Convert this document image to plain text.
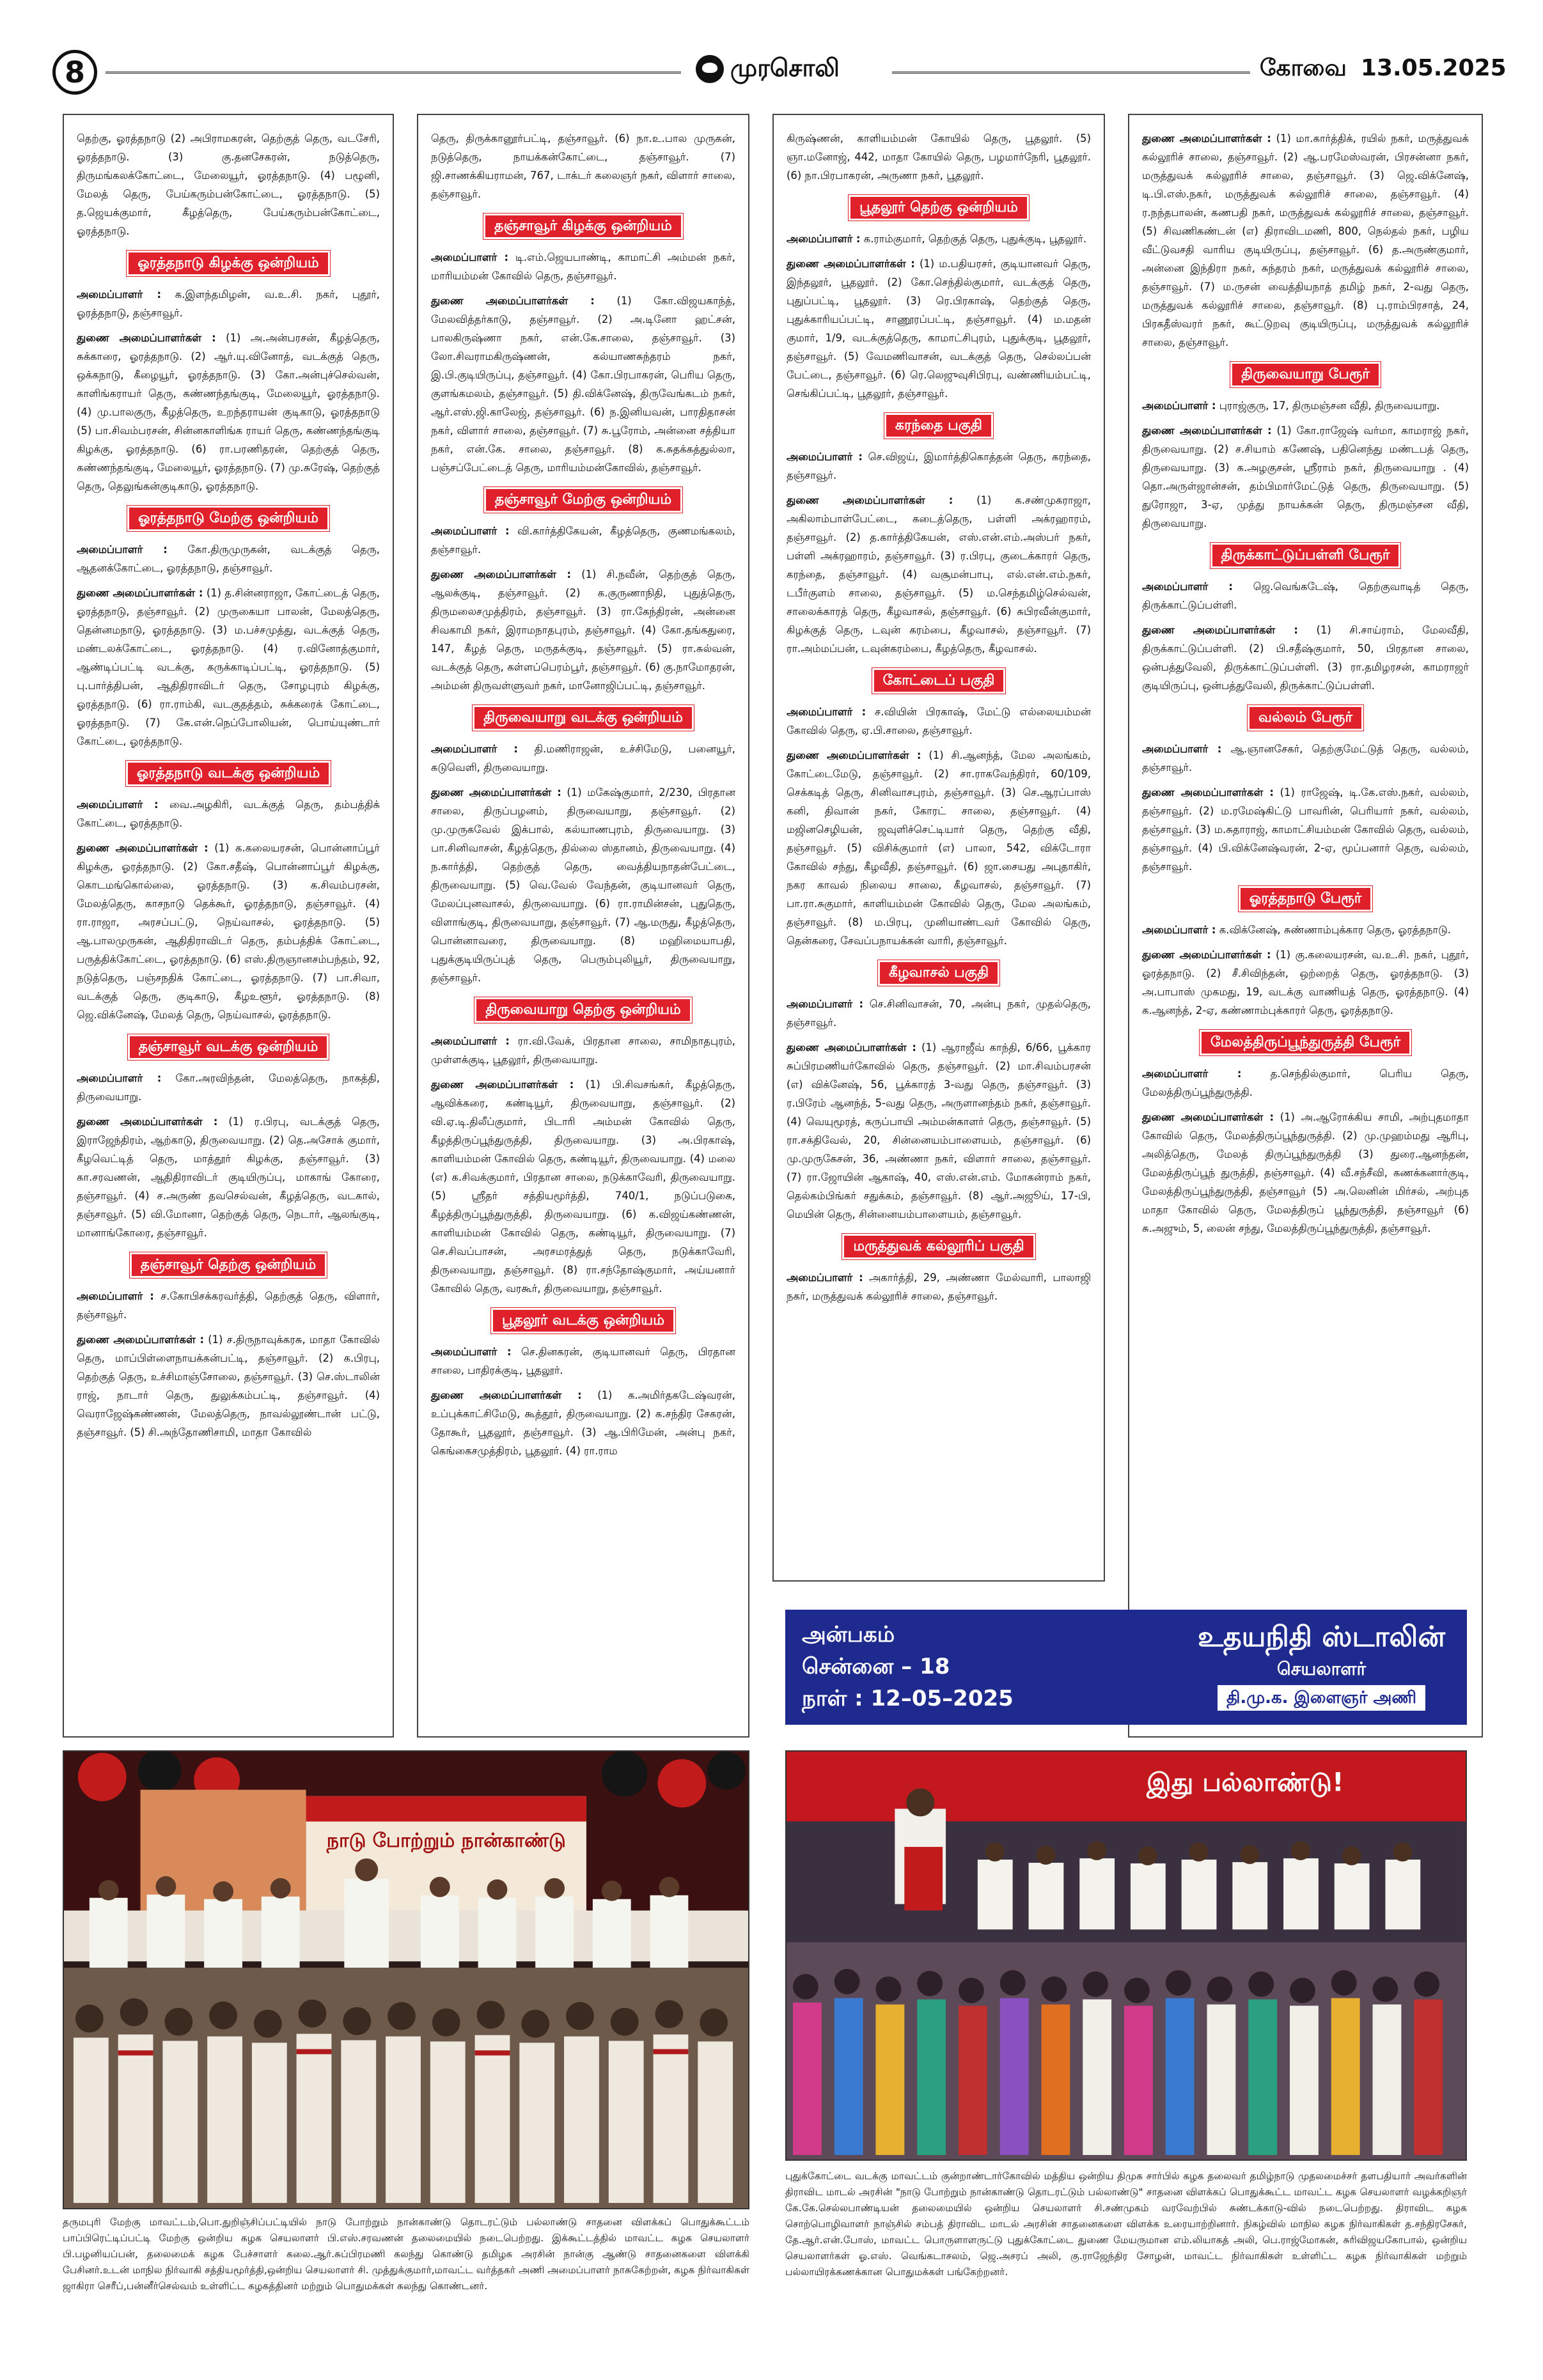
8	முரசொலி	கோவை 13.05.2025

தெற்கு, ஓரத்தநாடு (2) அபிராமகரன், தெற்குத் தெரு, வடசேரி, ஓரத்தநாடு. (3) கு.தனசேகரன், நடுத்தெரு, திருமங்கலக்கோட்டை, மேலையூர், ஓரத்தநாடு. (4) பழூனி, மேலத் தெரு, பேய்கரும்பன்கோட்டை, ஓரத்தநாடு. (5) த.ஜெயக்குமார், கீழத்தெரு, பேய்கரும்பன்கோட்டை, ஓரத்தநாடு.

ஓரத்தநாடு கிழக்கு ஒன்றியம்

அமைப்பாளர் : க.இளந்தமிழன், வ.உ.சி. நகர், புதூர், ஓரத்தநாடு, தஞ்சாவூர்.

துணை அமைப்பாளர்கள் : (1) அ.அன்பரசன், கீழத்தெரு, சுக்காரை, ஓரத்தநாடு. (2) ஆர்.யு.வினோத், வடக்குத் தெரு, ஒக்கநாடு, கீழையூர், ஓரத்தநாடு. (3) கோ.அன்புச்செல்வன், காளிங்கராயர் தெரு, கண்ணந்தங்குடி, மேலையூர், ஓரத்தநாடு. (4) மு.பாலகுரு, கீழத்தெரு, உறந்தராயன் குடிகாடு, ஓரத்தநாடு (5) பா.சிவம்பரசன், சின்னகாளிங்க ராயர் தெரு, கண்ணந்தங்குடி கிழக்கு, ஓரத்தநாடு. (6) ரா.பரணிதரன், தெற்குத் தெரு, கண்ணந்தங்குடி, மேலையூர், ஓரத்தநாடு. (7) மு.சுரேஷ், தெற்குத் தெரு, தெலுங்கன்குடிகாடு, ஓரத்தநாடு.

ஓரத்தநாடு மேற்கு ஒன்றியம்

அமைப்பாளர் : கோ.திருமுருகன், வடக்குத் தெரு, ஆதனக்கோட்டை, ஓரத்தநாடு, தஞ்சாவூர்.

துணை அமைப்பாளர்கள் : (1) த.சின்னராஜா, கோட்டைத் தெரு, ஓரத்தநாடு, தஞ்சாவூர். (2) முருகையா பாலன், மேலத்தெரு, தென்னமநாடு, ஓரத்தநாடு. (3) ம.பச்சமுத்து, வடக்குத் தெரு, மண்டலக்கோட்டை, ஓரத்தநாடு. (4) ர.வினோத்குமார், ஆண்டிப்பட்டி வடக்கு, கருக்காடிப்பட்டி, ஓரத்தநாடு. (5) பு.பார்த்திபன், ஆதிதிராவிடர் தெரு, சோழபுரம் கிழக்கு, ஓரத்தநாடு. (6) ரா.ராம்கி, வடகுதத்தம், சுக்கரைக் கோட்டை, ஓரத்தநாடு. (7) கே.என்.நெப்போலியன், பொய்யுண்டார் கோட்டை, ஓரத்தநாடு.

ஓரத்தநாடு வடக்கு ஒன்றியம்

அமைப்பாளர் : வை.அழகிரி, வடக்குத் தெரு, தம்பத்திக் கோட்டை, ஓரத்தநாடு.

துணை அமைப்பாளர்கள் : (1) க.கலையரசன், பொன்னாப்பூர் கிழக்கு, ஓரத்தநாடு. (2) கோ.சதீஷ், பொன்னாப்பூர் கிழக்கு, கொடமங்கொல்லை, ஓரத்தநாடு. (3) க.சிவம்பரசன், மேலத்தெரு, காசநாடு தெக்கூர், ஓரத்தநாடு, தஞ்சாவூர். (4) ரா.ராஜா, அரசப்பட்டு, நெய்வாசல், ஓரத்தநாடு. (5) ஆ.பாலமுருகன், ஆதிதிராவிடர் தெரு, தம்பத்திக் கோட்டை, பருத்திக்கோட்டை, ஓரத்தநாடு. (6) எஸ்.திருஞானசம்பந்தம், 92, நடுத்தெரு, பஞ்சநதிக் கோட்டை, ஓரத்தநாடு. (7) பா.சிவா, வடக்குத் தெரு, குடிகாடு, கீழஉளூர், ஓரத்தநாடு. (8) ஜெ.விக்னேஷ், மேலத் தெரு, நெய்வாசல், ஓரத்தநாடு.

தஞ்சாவூர் வடக்கு ஒன்றியம்

அமைப்பாளர் : கோ.அரவிந்தன், மேலத்தெரு, நாகத்தி, திருவையாறு.

துணை அமைப்பாளர்கள் : (1) ர.பிரபு, வடக்குத் தெரு, இராஜேந்திரம், ஆற்காடு, திருவையாறு. (2) தெ.அசோக் குமார், கீழவெட்டித் தெரு, மாத்தூர் கிழக்கு, தஞ்சாவூர். (3) கா.சரவணன், ஆதிதிராவிடர் குடியிருப்பு, மாகாங் கோரை, தஞ்சாவூர். (4) ச.அருண் தவசெல்வன், கீழத்தெரு, வடகால், தஞ்சாவூர். (5) வி.மோனா, தெற்குத் தெரு, நெடார், ஆலங்குடி, மானாங்கோரை, தஞ்சாவூர்.

தஞ்சாவூர் தெற்கு ஒன்றியம்

அமைப்பாளர் : ச.கோபிசக்கரவர்த்தி, தெற்குத் தெரு, விளார், தஞ்சாவூர்.

துணை அமைப்பாளர்கள் : (1) ச.திருநாவுக்கரசு, மாதா கோவில் தெரு, மாப்பிள்ளைநாயக்கன்பட்டி, தஞ்சாவூர். (2) க.பிரபு, தெற்குத் தெரு, உச்சிமாஞ்சோலை, தஞ்சாவூர். (3) செ.ஸ்டாலின் ராஜ், நாடார் தெரு, துலுக்கம்பட்டி, தஞ்சாவூர். (4) வெராஜேஷ்கண்ணன், மேலத்தெரு, நாவல்லூண்டான் பட்டு, தஞ்சாவூர். (5) சி.அந்தோணிசாமி, மாதா கோவில்

தெரு, திருக்கானூர்பட்டி, தஞ்சாவூர். (6) நா.உ.பால முருகன், நடுத்தெரு, நாயக்கன்கோட்டை, தஞ்சாவூர். (7) ஜி.சாணக்கியராமன், 767, டாக்டர் கலைஞர் நகர், விளார் சாலை, தஞ்சாவூர்.

தஞ்சாவூர் கிழக்கு ஒன்றியம்

அமைப்பாளர் : டி.எம்.ஜெயபாண்டி, காமாட்சி அம்மன் நகர், மாரியம்மன் கோவில் தெரு, தஞ்சாவூர்.

துணை அமைப்பாளர்கள் : (1) கோ.விஜயகாந்த், மேலவித்தர்காடு, தஞ்சாவூர். (2) அ.டினோ ஹட்சன், பாலகிருஷ்ணா நகர், என்.கே.சாலை, தஞ்சாவூர். (3) லோ.சிவராமகிருஷ்ணன், கல்யாணசுந்தரம் நகர், இ.பி.குடியிருப்பு, தஞ்சாவூர். (4) கோ.பிரபாகரன், பெரிய தெரு, குளங்கமலம், தஞ்சாவூர். (5) தி.விக்னேஷ், திருவேங்கடம் நகர், ஆர்.எஸ்.ஜி.காலேஜ், தஞ்சாவூர். (6) ந.இனியவன், பாரதிதாசன் நகர், விளார் சாலை, தஞ்சாவூர். (7) சு.பூரோம், அன்னை சத்தியா நகர், என்.கே. சாலை, தஞ்சாவூர். (8) க.சுதக்கத்துல்லா, பஞ்சப்பேட்டைத் தெரு, மாரியம்மன்கோவில், தஞ்சாவூர்.

தஞ்சாவூர் மேற்கு ஒன்றியம்

அமைப்பாளர் : வி.கார்த்திகேயன், கீழத்தெரு, குணமங்கலம், தஞ்சாவூர்.

துணை அமைப்பாளர்கள் : (1) சி.நவீன், தெற்குத் தெரு, ஆலக்குடி, தஞ்சாவூர். (2) க.குருணாநிதி, புதுத்தெரு, திருமலைசமுத்திரம், தஞ்சாவூர். (3) ரா.கேந்திரன், அன்னை சிவகாமி நகர், இராமநாதபுரம், தஞ்சாவூர். (4) கோ.தங்கதுரை, 147, கீழத் தெரு, மருதக்குடி, தஞ்சாவூர். (5) ரா.சுல்வன், வடக்குத் தெரு, கள்ளப்பெரம்பூர், தஞ்சாவூர். (6) கு.நாமோதரன், அம்மன் திருவள்ளுவர் நகர், மானோஜிப்பட்டி, தஞ்சாவூர்.

திருவையாறு வடக்கு ஒன்றியம்

அமைப்பாளர் : தி.மணிராஜன், உச்சிமேடு, பனையூர், கடுவெளி, திருவையாறு.

துணை அமைப்பாளர்கள் : (1) மகேஷ்குமார், 2/230, பிரதான சாலை, திருப்பழனம், திருவையாறு, தஞ்சாவூர். (2) மு.முருகவேல் இக்பால், கல்யாணபுரம், திருவையாறு. (3) பா.சினிவாசன், கீழத்தெரு, தில்லை ஸ்தானம், திருவையாறு. (4) ந.கார்த்தி, தெற்குத் தெரு, வைத்தியநாதன்பேட்டை, திருவையாறு. (5) வெ.வேல் வேந்தன், குடியானவர் தெரு, மேலப்புனவாசல், திருவையாறு. (6) ரா.ராமின்சன், புதுதெரு, விளாங்குடி, திருவையாறு, தஞ்சாவூர். (7) ஆ.மருது, கீழத்தெரு, பொன்னாவரை, திருவையாறு. (8) மஹிமையாபதி, புதுக்குடியிருப்புத் தெரு, பெரும்புலியூர், திருவையாறு, தஞ்சாவூர்.

திருவையாறு தெற்கு ஒன்றியம்

அமைப்பாளர் : ரா.வி.வேக், பிரதான சாலை, சாமிநாதபுரம், முள்ளக்குடி, பூதலூர், திருவையாறு.

துணை அமைப்பாளர்கள் : (1) பி.சிவசங்கர், கீழத்தெரு, ஆவிக்கரை, கண்டியூர், திருவையாறு, தஞ்சாவூர். (2) வி.ஏ.டி.திலீப்குமார், பிடாரி அம்மன் கோவில் தெரு, கீழத்திருப்பூந்துருத்தி, திருவையாறு. (3) அ.பிரகாஷ், காளியம்மன் கோவில் தெரு, கண்டியூர், திருவையாறு. (4) மலை (எ) க.சிவக்குமார், பிரதான சாலை, நடுக்காவேரி, திருவையாறு. (5) ஸ்ரீதர் சத்தியமூர்த்தி, 740/1, நடுப்படுகை, கீழத்திருப்பூந்துருத்தி, திருவையாறு. (6) க.விஜய்கண்ணன், காளியம்மன் கோவில் தெரு, கண்டியூர், திருவையாறு. (7) செ.சிவப்பாசன், அரசமரத்துத் தெரு, நடுக்காவேரி, திருவையாறு, தஞ்சாவூர். (8) ரா.சந்தோஷ்குமார், அய்யனார் கோவில் தெரு, வரகூர், திருவையாறு, தஞ்சாவூர்.

பூதலூர் வடக்கு ஒன்றியம்

அமைப்பாளர் : செ.தினகரன், குடியானவர் தெரு, பிரதான சாலை, பாதிரக்குடி, பூதலூர்.

துணை அமைப்பாளர்கள் : (1) க.அமிர்தகடேஷ்வரன், உப்புக்காட்சிமேடு, கூத்தூர், திருவையாறு. (2) க.சந்திர சேகரன், தோகூர், பூதலூர், தஞ்சாவூர். (3) ஆ.பிரிமேன், அன்பு நகர், கெங்கைசமுத்திரம், பூதலூர். (4) ரா.ராம

கிருஷ்ணன், காளியம்மன் கோயில் தெரு, பூதலூர். (5) ஞா.மனோஜ், 442, மாதா கோயில் தெரு, பழமார்நேரி, பூதலூர். (6) நா.பிரபாகரன், அருணா நகர், பூதலூர்.

பூதலூர் தெற்கு ஒன்றியம்

அமைப்பாளர் : க.ராம்குமார், தெற்குத் தெரு, புதுக்குடி, பூதலூர்.

துணை அமைப்பாளர்கள் : (1) ம.பதியரசர், குடியானவர் தெரு, இந்தலூர், பூதலூர். (2) கோ.செந்தில்குமார், வடக்குத் தெரு, புதுப்பட்டி, பூதலூர். (3) ரெ.பிரகாஷ், தெற்குத் தெரு, புதுக்காரியப்பட்டி, சாணூரப்பட்டி, தஞ்சாவூர். (4) ம.மதன் குமார், 1/9, வடக்குத்தெரு, காமாட்சிபுரம், புதுக்குடி, பூதலூர், தஞ்சாவூர். (5) வேமணிவாசன், வடக்குத் தெரு, செல்லப்பன் பேட்டை, தஞ்சாவூர். (6) ரெ.லெஜுவுசிபிரபு, வண்ணியம்பட்டி, செங்கிப்பட்டி, பூதலூர், தஞ்சாவூர்.

கரந்தை பகுதி

அமைப்பாளர் : செ.விஜய், இமார்த்திகொத்தன் தெரு, கரந்தை, தஞ்சாவூர்.

துணை அமைப்பாளர்கள் : (1) க.சண்முகராஜா, அகிலாம்பாள்பேட்டை, கடைத்தெரு, பள்ளி அக்ரஹாரம், தஞ்சாவூர். (2) த.கார்த்திகேயன், எஸ்.என்.எம்.அஸ்பர் நகர், பள்ளி அக்ரஹாரம், தஞ்சாவூர். (3) ர.பிரபு, குடைக்காரர் தெரு, கரந்தை, தஞ்சாவூர். (4) வசூமன்பாபு, எல்.என்.எம்.நகர், டபீர்குளம் சாலை, தஞ்சாவூர். (5) ம.செந்தமிழ்செல்வன், சாலைக்காரத் தெரு, கீழவாசல், தஞ்சாவூர். (6) சுபிரவீன்குமார், கிழக்குத் தெரு, டவுன் கரம்பை, கீழவாசல், தஞ்சாவூர். (7) ரா.அம்மப்பன், டவுன்கரம்பை, கீழத்தெரு, கீழவாசல்.

கோட்டைப் பகுதி

அமைப்பாளர் : ச.வியின் பிரகாஷ், மேட்டு எல்லையம்மன் கோவில் தெரு, ஏ.பி.சாலை, தஞ்சாவூர்.

துணை அமைப்பாளர்கள் : (1) சி.ஆனந்த், மேல அலங்கம், கோட்டைமேடு, தஞ்சாவூர். (2) சா.ராகவேந்திரர், 60/109, செக்கடித் தெரு, சினிவாசபுரம், தஞ்சாவூர். (3) செ.ஆரப்பாஸ் கனி, திவான் நகர், கோரட் சாலை, தஞ்சாவூர். (4) மஜினசெழியன், ஜவுளிச்செட்டியார் தெரு, தெற்கு வீதி, தஞ்சாவூர். (5) விசிக்குமார் (எ) பாலா, 542, விக்டோரா கோவில் சந்து, கீழவீதி, தஞ்சாவூர். (6) ஜா.சையது அபுதாகிர், நகர காவல் நிலைய சாலை, கீழவாசல், தஞ்சாவூர். (7) பா.ரா.சுகுமார், காளியம்மன் கோவில் தெரு, மேல அலங்கம், தஞ்சாவூர். (8) ம.பிரபு, முனியாண்டவர் கோவில் தெரு, தென்கரை, சேவப்பநாயக்கன் வாரி, தஞ்சாவூர்.

கீழவாசல் பகுதி

அமைப்பாளர் : செ.சினிவாசன், 70, அன்பு நகர், முதல்தெரு, தஞ்சாவூர்.

துணை அமைப்பாளர்கள் : (1) ஆராஜீவ் காந்தி, 6/66, பூக்கார சுப்பிரமணியர்கோவில் தெரு, தஞ்சாவூர். (2) மா.சிவம்பரசன் (எ) விக்னேஷ், 56, பூக்காரத் 3-வது தெரு, தஞ்சாவூர். (3) ர.பிரேம் ஆனந்த், 5-வது தெரு, அருளானந்தம் நகர், தஞ்சாவூர். (4) வெயுமூரத், கருப்பாயி அம்மன்காளர் தெரு, தஞ்சாவூர். (5) ரா.சக்திவேல், 20, சின்னையம்பாளையம், தஞ்சாவூர். (6) மு.முருகேசன், 36, அண்ணா நகர், விளார் சாலை, தஞ்சாவூர். (7) ரா.ஜோயின் ஆகாஷ், 40, எஸ்.என்.எம். மோகன்ராம் நகர், தெல்கம்பிங்கர் சதுக்கம், தஞ்சாவூர். (8) ஆர்.அஜூய், 17-பி, மெயின் தெரு, சின்னையம்பாளையம், தஞ்சாவூர்.

மருத்துவக் கல்லூரிப் பகுதி

அமைப்பாளர் : அகார்த்தி, 29, அண்ணா மேல்வாரி, பாலாஜி நகர், மருத்துவக் கல்லூரிச் சாலை, தஞ்சாவூர்.

துணை அமைப்பாளர்கள் : (1) மா.கார்த்திக், ரயில் நகர், மருத்துவக் கல்லூரிச் சாலை, தஞ்சாவூர். (2) ஆ.பரமேஸ்வரன், பிரசன்னா நகர், மருத்துவக் கல்லூரிச் சாலை, தஞ்சாவூர். (3) ஜெ.விக்னேஷ், டி.பி.எஸ்.நகர், மருத்துவக் கல்லூரிச் சாலை, தஞ்சாவூர். (4) ர.நந்தபாலன், கணபதி நகர், மருத்துவக் கல்லூரிச் சாலை, தஞ்சாவூர். (5) சிவணிகண்டன் (எ) திராவிடமணி, 800, நெல்தல் நகர், பழிய வீட்டுவசதி வாரிய குடியிருப்பு, தஞ்சாவூர். (6) த.அருண்குமார், அன்னை இந்திரா நகர், சுந்தரம் நகர், மருத்துவக் கல்லூரிச் சாலை, தஞ்சாவூர். (7) ம.ருசன் வைத்தியநாத் தமிழ் நகர், 2-வது தெரு, மருத்துவக் கல்லூரிச் சாலை, தஞ்சாவூர். (8) பு.ராம்பிரசாத், 24, பிரகதீஸ்வரர் நகர், கூட்டுறவு குடியிருப்பு, மருத்துவக் கல்லூரிச் சாலை, தஞ்சாவூர்.

திருவையாறு பேரூர்

அமைப்பாளர் : புராஜ்குரு, 17, திருமஞ்சன வீதி, திருவையாறு.

துணை அமைப்பாளர்கள் : (1) கோ.ராஜேஷ் வர்மா, காமராஜ் நகர், திருவையாறு. (2) ச.சியாம் கணேஷ், பதினெந்து மண்டபத் தெரு, திருவையாறு. (3) க.அழகுசன், ஸ்ரீராம் நகர், திருவையாறு . (4) தொ.அருள்ஜான்சன், தம்பிமார்மேட்டுத் தெரு, திருவையாறு. (5) துரோஜா, 3-ஏ, முத்து நாயக்கன் தெரு, திருமஞ்சன வீதி, திருவையாறு.

திருக்காட்டுப்பள்ளி பேரூர்

அமைப்பாளர் : ஜெ.வெங்கடேஷ், தெற்குவாடித் தெரு, திருக்காட்டுப்பள்ளி.

துணை அமைப்பாளர்கள் : (1) சி.சாய்ராம், மேலவீதி, திருக்காட்டுப்பள்ளி. (2) பி.சதீஷ்குமார், 50, பிரதான சாலை, ஒன்பத்துவேலி, திருக்காட்டுப்பள்ளி. (3) ரா.தமிழரசன், காமராஜர் குடியிருப்பு, ஒன்பத்துவேலி, திருக்காட்டுப்பள்ளி.

வல்லம் பேரூர்

அமைப்பாளர் : ஆ.ஞானசேகர், தெற்குமேட்டுத் தெரு, வல்லம், தஞ்சாவூர்.

துணை அமைப்பாளர்கள் : (1) ராஜேஷ், டி.கே.எஸ்.நகர், வல்லம், தஞ்சாவூர். (2) ம.ரமேஷ்கிட்டு பாவரின், பெரியார் நகர், வல்லம், தஞ்சாவூர். (3) ம.சுதாராஜ், காமாட்சியம்மன் கோவில் தெரு, வல்லம், தஞ்சாவூர். (4) பி.விக்னேஷ்வரன், 2-ஏ, மூப்பனார் தெரு, வல்லம், தஞ்சாவூர்.

ஓரத்தநாடு பேரூர்

அமைப்பாளர் : க.விக்னேஷ், சுண்ணாம்புக்கார தெரு, ஓரத்தநாடு.

துணை அமைப்பாளர்கள் : (1) கு.கலையரசன், வ.உ.சி. நகர், புதூர், ஓரத்தநாடு. (2) சீ.சிவிந்தன், ஒற்றைத் தெரு, ஓரத்தநாடு. (3) அ.பாபாஸ் முகமது, 19, வடக்கு வாணியத் தெரு, ஓரத்தநாடு. (4) க.ஆனந்த், 2-ஏ, கண்ணாம்புக்காரர் தெரு, ஓரத்தநாடு.

மேலத்திருப்பூந்துருத்தி பேரூர்

அமைப்பாளர் :	த.செந்தில்குமார், பெரிய தெரு, மேலத்திருப்பூந்துருத்தி.

துணை அமைப்பாளர்கள் : (1) அ.ஆரோக்கிய சாமி, அற்புதமாதா கோவில் தெரு, மேலத்திருப்பூந்துருத்தி. (2) மு.முஹம்மது ஆரிபு, அலித்தெரு, மேலத் திருப்பூந்துருத்தி (3) துரை.ஆனந்தன், மேலத்திருப்பூந் துருத்தி, தஞ்சாவூர். (4) வீ.சந்சீவி, கணக்கனார்குடி, மேலத்திருப்பூந்துருத்தி, தஞ்சாவூர் (5) அ.லெனின் மிர்சல், அற்புத மாதா கோவில் தெரு, மேலத்திருப் பூந்துருத்தி, தஞ்சாவூர் (6) சு.அஜும், 5, லைன் சந்து, மேலத்திருப்பூந்துருத்தி, தஞ்சாவூர்.

அன்பகம்
சென்னை – 18
நாள் : 12–05–2025
உதயநிதி ஸ்டாலின்
செயலாளர்
தி.மு.க. இளைஞர் அணி
நாடு போற்றும் நான்காண்டு
தருமபுரி மேற்கு மாவட்டம்,பொ.துறிஞ்சிப்பட்டியில் நாடு போற்றும் நான்காண்டு தொடரட்டும் பல்லாண்டு சாதனை விளக்கப் பொதுக்கூட்டம் பாப்பிரெட்டிப்பட்டி மேற்கு ஒன்றிய கழக செயலாளர் பி.எஸ்.சரவணன் தலைமையில் நடைபெற்றது. இக்கூட்டத்தில் மாவட்ட கழக செயலாளர் பி.பழனியப்பன், தலைமைக் கழக பேச்சாளர் கலை.ஆர்.சுப்பிரமணி கலந்து கொண்டு தமிழக அரசின் நான்கு ஆண்டு சாதனைகளை விளக்கி பேசினர்.உடன் மாநில நிர்வாகி சத்தியமூர்த்தி,ஒன்றிய செயலாளர் சி. முத்துக்குமார்,மாவட்ட வர்த்தகர் அணி அமைப்பாளர் நாசுகேற்றன், கழக நிர்வாகிகள் ஜாகிரா செரீப்,பன்னீர்செல்வம் உள்ளிட்ட கழகத்தினர் மற்றும் பொதுமக்கள் கலந்து கொண்டனர்.
இது பல்லாண்டு!
புதுக்கோட்டை வடக்கு மாவட்டம் குன்றாண்டார்கோவில் மத்திய ஒன்றிய திமுக சார்பில் கழக தலைவர் தமிழ்நாடு முதலமைச்சர் தளபதியார் அவர்களின் திராவிட மாடல் அரசின் "நாடு போற்றும் நான்காண்டு தொடரட்டும் பல்லாண்டு" சாதனை விளக்கப் பொதுக்கூட்ட மாவட்ட கழக செயலாளர் வழக்கறிஞர் கே.கே.செல்லபாண்டியன் தலைமையில் ஒன்றிய செயலாளர் சி.சண்முகம் வரவேற்பில் சுண்டக்காடு-வில் நடைபெற்றது. திராவிட கழக சொற்பொழிவாளர் நாஞ்சில் சம்பத் திராவிட மாடல் அரசின் சாதனைகளை விளக்க உரையாற்றினார். நிகழ்வில் மாநில கழக நிர்வாகிகள் த.சந்திரசேகர், தே.ஆர்.என்.போஸ், மாவட்ட பொருளாளருட்டு புதுக்கோட்டை துணை மேயருமான எம்.லியாகத் அலி, பெ.ராஜ்மோகன், சுரிவிஜயகோபால், ஒன்றிய செயலாளர்கள் ஓ.எஸ். வெங்கடாசலம், ஜெ.அசரப் அலி, கு.ராஜேந்திர சோழன், மாவட்ட நிர்வாகிகள் உள்ளிட்ட கழக நிர்வாகிகள் மற்றும் பல்லாயிரக்கணக்கான பொதுமக்கள் பங்கேற்றனர்.
